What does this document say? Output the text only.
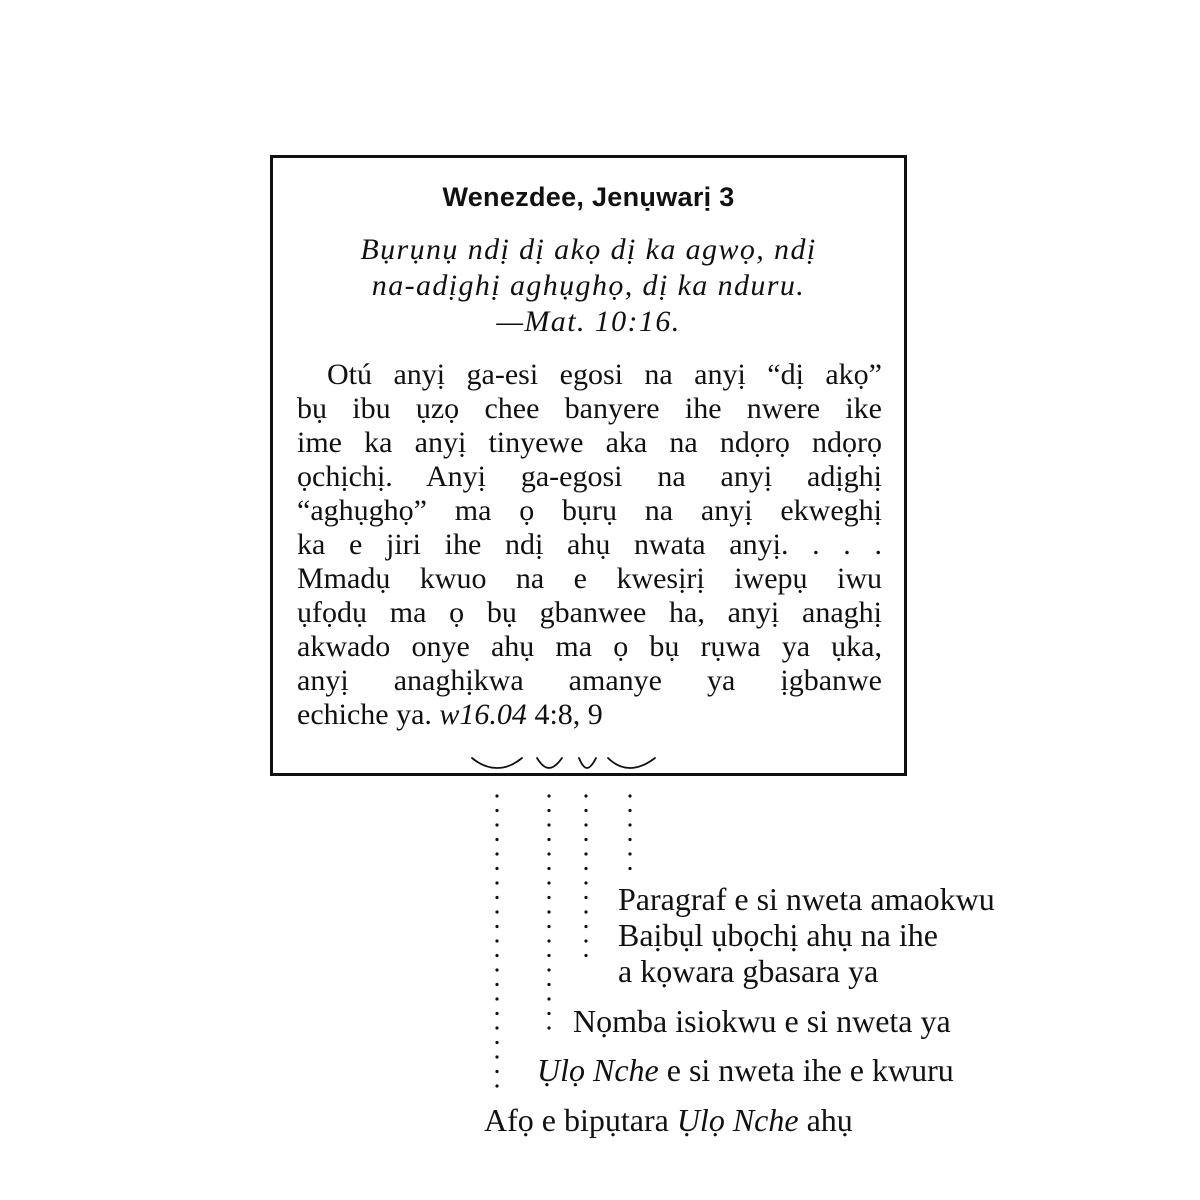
Wenezdee, Jenụwarị 3
Bụrụnụ ndị dị akọ dị ka agwọ, ndị
na-adịghị aghụghọ, dị ka nduru.
—Mat. 10:16.
Otú anyị ga-esi egosi na anyị “dị akọ”
bụ ibu ụzọ chee banyere ihe nwere ike
ime ka anyị tinyewe aka na ndọrọ ndọrọ
ọchịchị. Anyị ga-egosi na anyị adịghị
“aghụghọ” ma ọ bụrụ na anyị ekweghị
ka e jiri ihe ndị ahụ nwata anyị. . . .
Mmadụ kwuo na e kwesịrị iwepụ iwu
ụfọdụ ma ọ bụ gbanwee ha, anyị anaghị
akwado onye ahụ ma ọ bụ rụwa ya ụka,
anyị anaghịkwa amanye ya ịgbanwe
echiche ya. w16.04 4:8, 9
Paragraf e si nweta amaokwu
Baịbụl ụbọchị ahụ na ihe
a kọwara gbasara ya
Nọmba isiokwu e si nweta ya
Ụlọ Nche e si nweta ihe e kwuru
Afọ e bipụtara Ụlọ Nche ahụ
